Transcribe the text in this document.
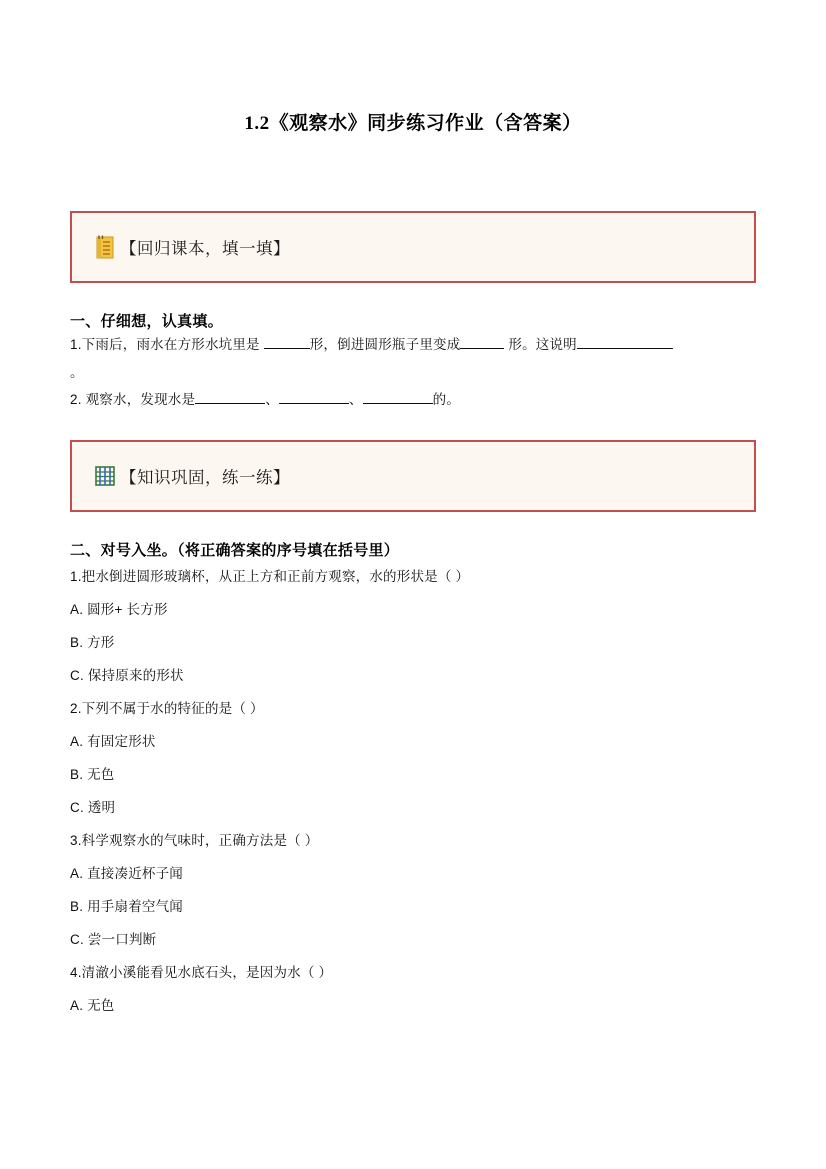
1.2《观察水》同步练习作业（含答案）
【回归课本，填一填】
一、仔细想，认真填。

1.下雨后，雨水在方形水坑里是	形，倒进圆形瓶子里变成	形。这说明

。

2. 观察水，发现水是	、	、	的。

【知识巩固，练一练】
二、对号入坐。（将正确答案的序号填在括号里）

1.把水倒进圆形玻璃杯，从正上方和正前方观察，水的形状是（ ）

A. 圆形+ 长方形

B. 方形

C. 保持原来的形状

2.下列不属于水的特征的是（ ）

A. 有固定形状

B. 无色

C. 透明

3.科学观察水的气味时，正确方法是（ ）

A. 直接凑近杯子闻

B. 用手扇着空气闻

C. 尝一口判断

4.清澈小溪能看见水底石头，是因为水（ ）

A. 无色
